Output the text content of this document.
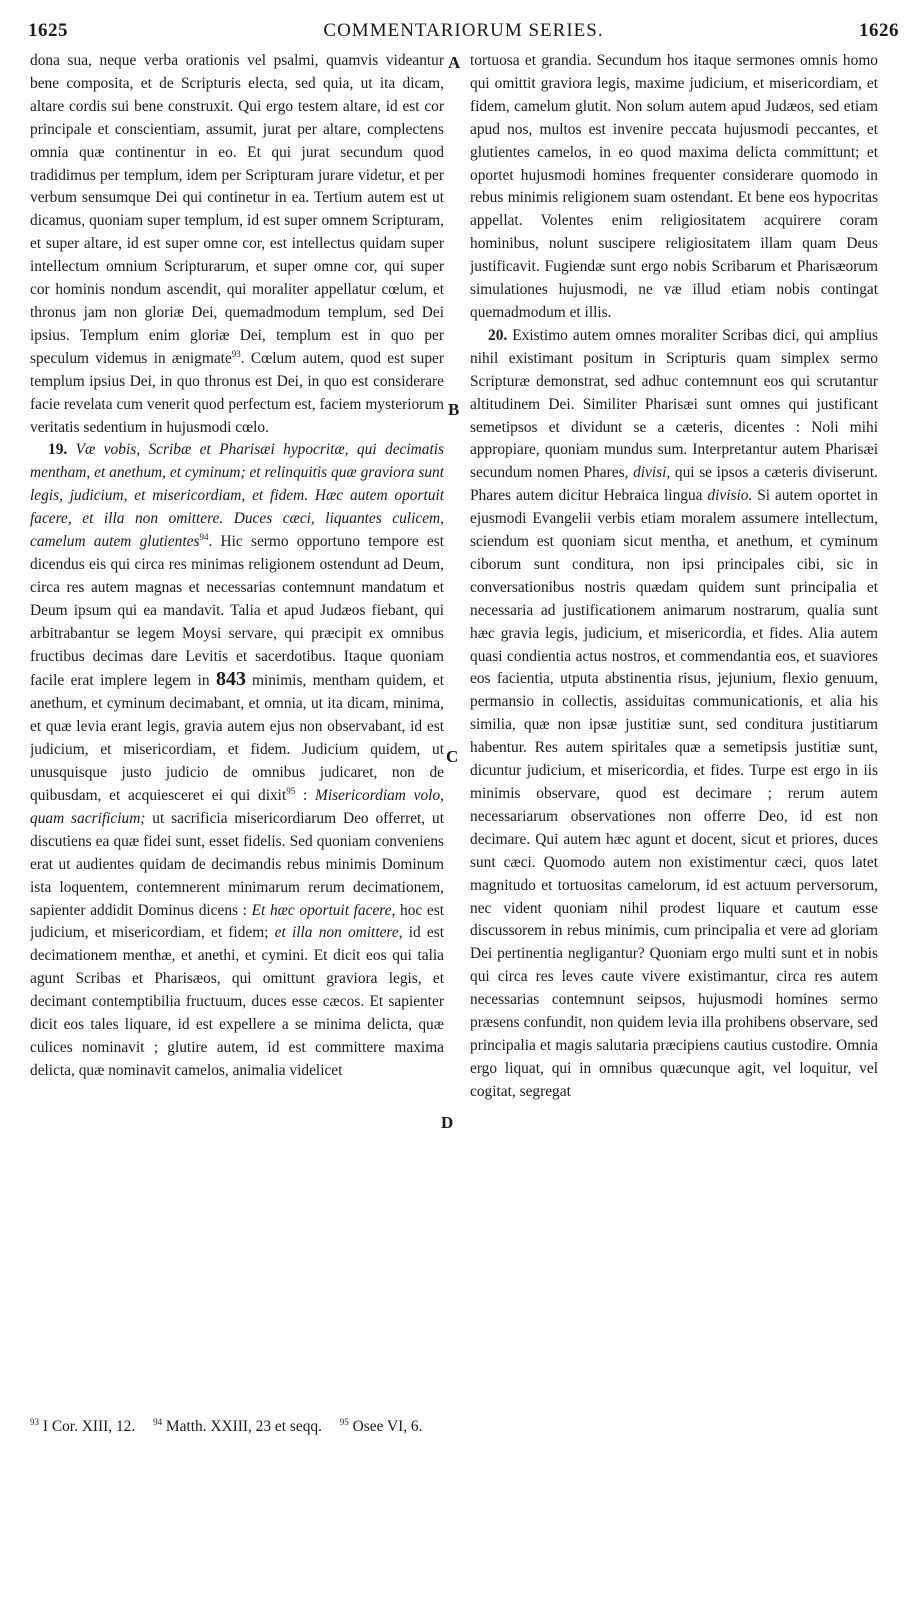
1625	COMMENTARIORUM SERIES.	1626

dona sua, neque verba orationis vel psalmi, quamvis videantur bene composita, et de Scripturis electa, sed quia, ut ita dicam, altare cordis sui bene construxit. Qui ergo testem altare, id est cor principale et conscientiam, assumit, jurat per altare, complectens omnia quæ continentur in eo. Et qui jurat secundum quod tradidimus per templum, idem per Scripturam jurare videtur, et per verbum sensumque Dei qui continetur in ea. Tertium autem est ut dicamus, quoniam super templum, id est super omnem Scripturam, et super altare, id est super omne cor, est intellectus quidam super intellectum omnium Scripturarum, et super omne cor, qui super cor hominis nondum ascendit, qui moraliter appellatur cœlum, et thronus jam non gloriæ Dei, quemadmodum templum, sed Dei ipsius. Templum enim gloriæ Dei, templum est in quo per speculum videmus in ænigmate$^{93}$. Cœlum autem, quod est super templum ipsius Dei, in quo thronus est Dei, in quo est considerare facie revelata cum venerit quod perfectum est, faciem mysteriorum veritatis sedentium in hujusmodi cœlo.

19. Væ vobis, Scribæ et Pharisæi hypocritæ, qui decimatis mentham, et anethum, et cyminum; et relinquitis quæ graviora sunt legis, judicium, et misericordiam, et fidem. Hæc autem oportuit facere, et illa non omittere. Duces cæci, liquantes culicem, camelum autem glutientes$^{94}$. Hic sermo opportuno tempore est dicendus eis qui circa res minimas religionem ostendunt ad Deum, circa res autem magnas et necessarias contemnunt mandatum et Deum ipsum qui ea mandavit. Talia et apud Judæos fiebant, qui arbitrabantur se legem Moysi servare, qui præcipit ex omnibus fructibus decimas dare Levitis et sacerdotibus. Itaque quoniam facile erat implere legem in 843 minimis, mentham quidem, et anethum, et cyminum decimabant, et omnia, ut ita dicam, minima, et quæ levia erant legis, gravia autem ejus non observabant, id est judicium, et misericordiam, et fidem. Judicium quidem, ut unusquisque justo judicio de omnibus judicaret, non de quibusdam, et acquiesceret ei qui dixit$^{95}$ : Misericordiam volo, quam sacrificium; ut sacrificia misericordiarum Deo offerret, ut discutiens ea quæ fidei sunt, esset fidelis. Sed quoniam conveniens erat ut audientes quidam de decimandis rebus minimis Dominum ista loquentem, contemnerent minimarum rerum decimationem, sapienter addidit Dominus dicens : Et hæc oportuit facere, hoc est judicium, et misericordiam, et fidem; et illa non omittere, id est decimationem menthæ, et anethi, et cymini. Et dicit eos qui talia agunt Scribas et Pharisæos, qui omittunt graviora legis, et decimant contemptibilia fructuum, duces esse cæcos. Et sapienter dicit eos tales liquare, id est expellere a se minima delicta, quæ culices nominavit ; glutire autem, id est committere maxima delicta, quæ nominavit camelos, animalia videlicet

A
B
C
D

tortuosa et grandia. Secundum hos itaque sermones omnis homo qui omittit graviora legis, maxime judicium, et misericordiam, et fidem, camelum glutit. Non solum autem apud Judæos, sed etiam apud nos, multos est invenire peccata hujusmodi peccantes, et glutientes camelos, in eo quod maxima delicta committunt; et oportet hujusmodi homines frequenter considerare quomodo in rebus minimis religionem suam ostendant. Et bene eos hypocritas appellat. Volentes enim religiositatem acquirere coram hominibus, nolunt suscipere religiositatem illam quam Deus justificavit. Fugiendæ sunt ergo nobis Scribarum et Pharisæorum simulationes hujusmodi, ne væ illud etiam nobis contingat quemadmodum et illis.

20. Existimo autem omnes moraliter Scribas dici, qui amplius nihil existimant positum in Scripturis quam simplex sermo Scripturæ demonstrat, sed adhuc contemnunt eos qui scrutantur altitudinem Dei. Similiter Pharisæi sunt omnes qui justificant semetipsos et dividunt se a cæteris, dicentes : Noli mihi appropiare, quoniam mundus sum. Interpretantur autem Pharisæi secundum nomen Phares, divisi, qui se ipsos a cæteris diviserunt. Phares autem dicitur Hebraica lingua divisio. Si autem oportet in ejusmodi Evangelii verbis etiam moralem assumere intellectum, sciendum est quoniam sicut mentha, et anethum, et cyminum ciborum sunt conditura, non ipsi principales cibi, sic in conversationibus nostris quædam quidem sunt principalia et necessaria ad justificationem animarum nostrarum, qualia sunt hæc gravia legis, judicium, et misericordia, et fides. Alia autem quasi condientia actus nostros, et commendantia eos, et suaviores eos facientia, utputa abstinentia risus, jejunium, flexio genuum, permansio in collectis, assiduitas communicationis, et alia his similia, quæ non ipsæ justitiæ sunt, sed conditura justitiarum habentur. Res autem spiritales quæ a semetipsis justitiæ sunt, dicuntur judicium, et misericordia, et fides. Turpe est ergo in iis minimis observare, quod est decimare ; rerum autem necessariarum observationes non offerre Deo, id est non decimare. Qui autem hæc agunt et docent, sicut et priores, duces sunt cæci. Quomodo autem non existimentur cæci, quos latet magnitudo et tortuositas camelorum, id est actuum perversorum, nec vident quoniam nihil prodest liquare et cautum esse discussorem in rebus minimis, cum principalia et vere ad gloriam Dei pertinentia negligantur? Quoniam ergo multi sunt et in nobis qui circa res leves caute vivere existimantur, circa res autem necessarias contemnunt seipsos, hujusmodi homines sermo præsens confundit, non quidem levia illa prohibens observare, sed principalia et magis salutaria præcipiens cautius custodire. Omnia ergo liquat, qui in omnibus quæcunque agit, vel loquitur, vel cogitat, segregat

$^{93}$ I Cor. XIII, 12. $^{94}$ Matth. XXIII, 23 et seqq. $^{95}$ Osee VI, 6.
